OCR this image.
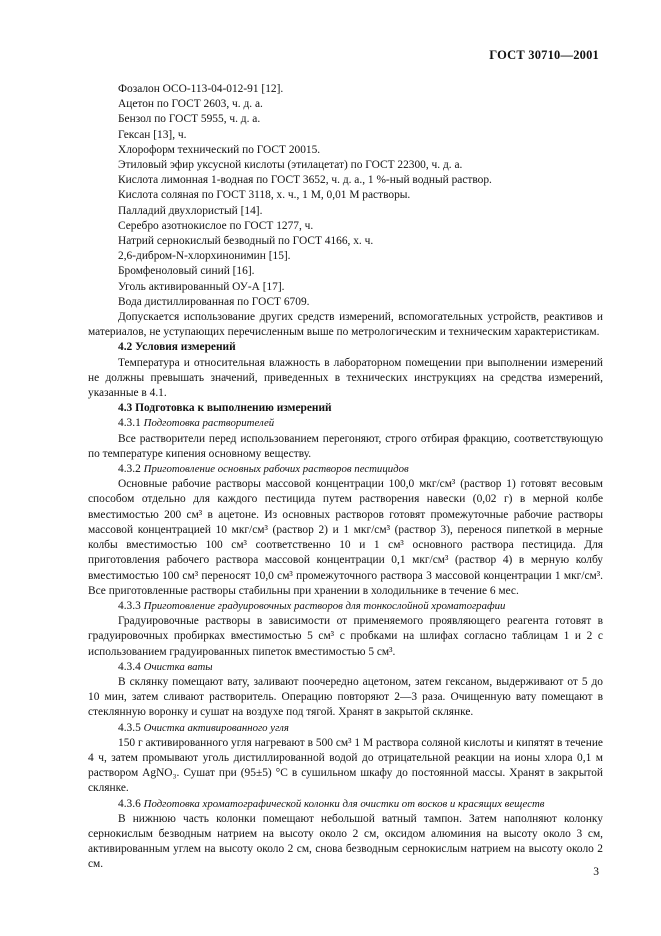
ГОСТ 30710—2001
Фозалон ОСО-113-04-012-91 [12].
Ацетон по ГОСТ 2603, ч. д. а.
Бензол по ГОСТ 5955, ч. д. а.
Гексан [13], ч.
Хлороформ технический по ГОСТ 20015.
Этиловый эфир уксусной кислоты (этилацетат) по ГОСТ 22300, ч. д. а.
Кислота лимонная 1-водная по ГОСТ 3652, ч. д. а., 1 %-ный водный раствор.
Кислота соляная по ГОСТ 3118, х. ч., 1 М, 0,01 М растворы.
Палладий двухлористый [14].
Серебро азотнокислое по ГОСТ 1277, ч.
Натрий сернокислый безводный по ГОСТ 4166, х. ч.
2,6-дибром-N-хлорхинонимин [15].
Бромфеноловый синий [16].
Уголь активированный ОУ-А [17].
Вода дистиллированная по ГОСТ 6709.

Допускается использование других средств измерений, вспомогательных устройств, реактивов и материалов, не уступающих перечисленным выше по метрологическим и техническим характеристикам.

4.2 Условия измерений

Температура и относительная влажность в лабораторном помещении при выполнении измерений не должны превышать значений, приведенных в технических инструкциях на средства измерений, указанные в 4.1.

4.3 Подготовка к выполнению измерений
4.3.1 Подготовка растворителей

Все растворители перед использованием перегоняют, строго отбирая фракцию, соответствующую по температуре кипения основному веществу.

4.3.2 Приготовление основных рабочих растворов пестицидов

Основные рабочие растворы массовой концентрации 100,0 мкг/см³ (раствор 1) готовят весовым способом отдельно для каждого пестицида путем растворения навески (0,02 г) в мерной колбе вместимостью 200 см³ в ацетоне. Из основных растворов готовят промежуточные рабочие растворы массовой концентрацией 10 мкг/см³ (раствор 2) и 1 мкг/см³ (раствор 3), перенося пипеткой в мерные колбы вместимостью 100 см³ соответственно 10 и 1 см³ основного раствора пестицида. Для приготовления рабочего раствора массовой концентрации 0,1 мкг/см³ (раствор 4) в мерную колбу вместимостью 100 см³ переносят 10,0 см³ промежуточного раствора 3 массовой концентрации 1 мкг/см³. Все приготовленные растворы стабильны при хранении в холодильнике в течение 6 мес.

4.3.3 Приготовление градуировочных растворов для тонкослойной хроматографии

Градуировочные растворы в зависимости от применяемого проявляющего реагента готовят в градуировочных пробирках вместимостью 5 см³ с пробками на шлифах согласно таблицам 1 и 2 с использованием градуированных пипеток вместимостью 5 см³.

4.3.4 Очистка ваты

В склянку помещают вату, заливают поочередно ацетоном, затем гексаном, выдерживают от 5 до 10 мин, затем сливают растворитель. Операцию повторяют 2—3 раза. Очищенную вату помещают в стеклянную воронку и сушат на воздухе под тягой. Хранят в закрытой склянке.

4.3.5 Очистка активированного угля

150 г активированного угля нагревают в 500 см³ 1 М раствора соляной кислоты и кипятят в течение 4 ч, затем промывают уголь дистиллированной водой до отрицательной реакции на ионы хлора 0,1 м раствором AgNO₃. Сушат при (95±5) °С в сушильном шкафу до постоянной массы. Хранят в закрытой склянке.

4.3.6 Подготовка хроматографической колонки для очистки от восков и красящих веществ

В нижнюю часть колонки помещают небольшой ватный тампон. Затем наполняют колонку сернокислым безводным натрием на высоту около 2 см, оксидом алюминия на высоту около 3 см, активированным углем на высоту около 2 см, снова безводным сернокислым натрием на высоту около 2 см.

3
